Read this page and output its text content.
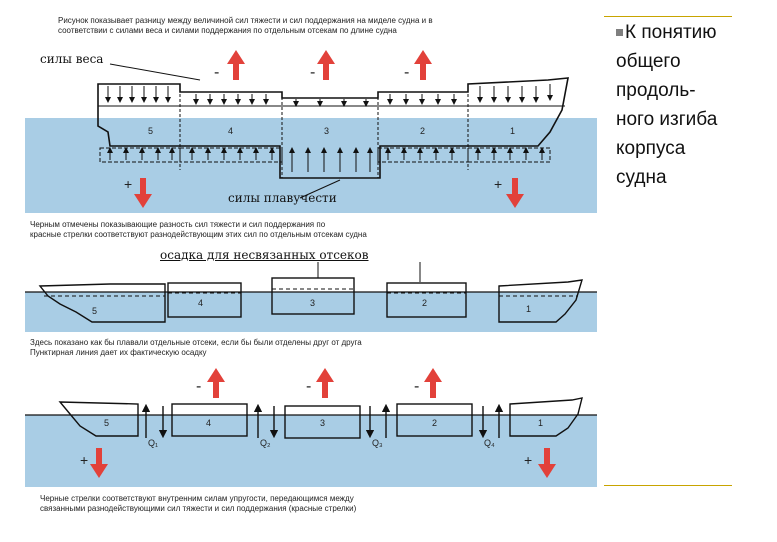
Рисунок показывает разницу между величиной сил тяжести и сил поддержания на миделе судна и в
соответствии с силами веса и силами поддержания по отдельным отсекам по длине судна
силы веса
силы плавучести
-	-	-
+	+
5	4	3	2	1
Черным отмечены показывающие разность сил тяжести и сил поддержания по
красные стрелки соответствуют разнодействующим этих сил по отдельным отсекам судна
осадка для несвязанных отсеков
5
4	3	2
1
Здесь показано как бы плавали отдельные отсеки, если бы были отделены друг от друга
Пунктирная линия дает их фактическую осадку
-	-	-
+	+
5	4	3	2	1
Q₁	Q₂	Q₃	Q₄
Черные стрелки соответствуют внутренним силам упругости, передающимся между
связанными разнодействующими сил тяжести и сил поддержания (красные стрелки)
К понятию общего продоль-ного изгиба корпуса судна
